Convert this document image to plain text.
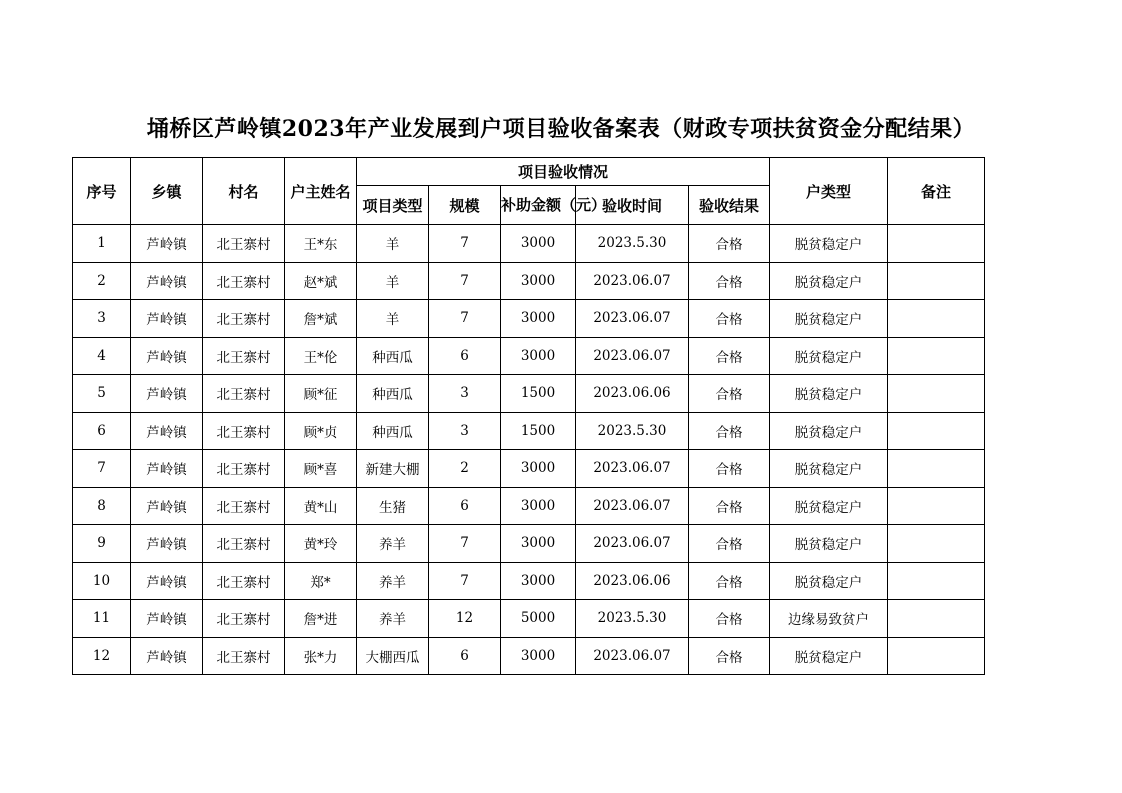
埇桥区芦岭镇2023年产业发展到户项目验收备案表（财政专项扶贫资金分配结果）
序号	乡镇	村名	户主姓名	项目验收情况					户类型	备注
				项目类型	规模	补助金额（元）	验收时间	验收结果		
1	芦岭镇	北王寨村	王*东	羊	7	3000	2023.5.30	合格	脱贫稳定户	
2	芦岭镇	北王寨村	赵*斌	羊	7	3000	2023.06.07	合格	脱贫稳定户	
3	芦岭镇	北王寨村	詹*斌	羊	7	3000	2023.06.07	合格	脱贫稳定户	
4	芦岭镇	北王寨村	王*伦	种西瓜	6	3000	2023.06.07	合格	脱贫稳定户	
5	芦岭镇	北王寨村	顾*征	种西瓜	3	1500	2023.06.06	合格	脱贫稳定户	
6	芦岭镇	北王寨村	顾*贞	种西瓜	3	1500	2023.5.30	合格	脱贫稳定户	
7	芦岭镇	北王寨村	顾*喜	新建大棚	2	3000	2023.06.07	合格	脱贫稳定户	
8	芦岭镇	北王寨村	黄*山	生猪	6	3000	2023.06.07	合格	脱贫稳定户	
9	芦岭镇	北王寨村	黄*玲	养羊	7	3000	2023.06.07	合格	脱贫稳定户	
10	芦岭镇	北王寨村	郑*	养羊	7	3000	2023.06.06	合格	脱贫稳定户	
11	芦岭镇	北王寨村	詹*进	养羊	12	5000	2023.5.30	合格	边缘易致贫户	
12	芦岭镇	北王寨村	张*力	大棚西瓜	6	3000	2023.06.07	合格	脱贫稳定户	
